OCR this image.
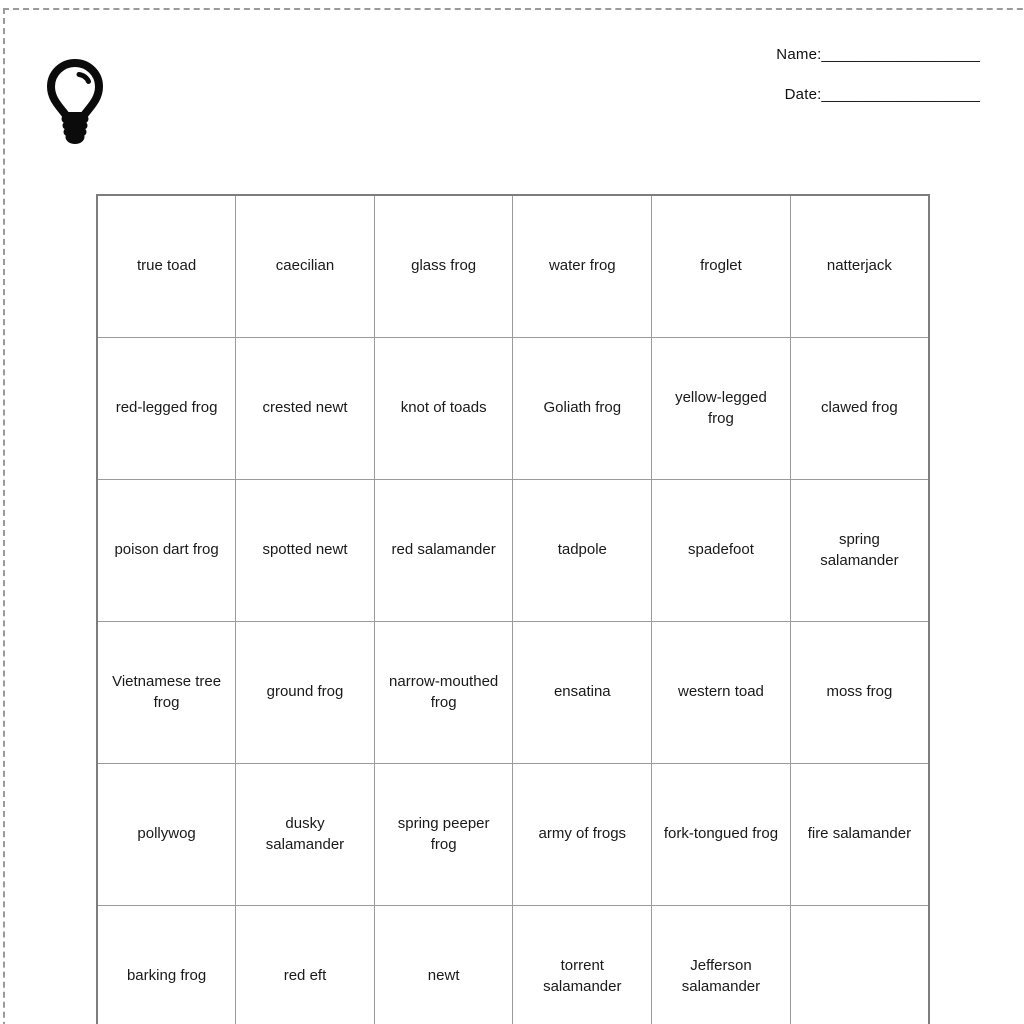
Name:___________________
Date:___________________
true toad	caecilian	glass frog	water frog	froglet	natterjack
red-legged frog	crested newt	knot of toads	Goliath frog	yellow-legged frog	clawed frog
poison dart frog	spotted newt	red salamander	tadpole	spadefoot	spring salamander
Vietnamese tree frog	ground frog	narrow-mouthed frog	ensatina	western toad	moss frog
pollywog	dusky salamander	spring peeper frog	army of frogs	fork-tongued frog	fire salamander
barking frog	red eft	newt	torrent salamander	Jefferson salamander	
